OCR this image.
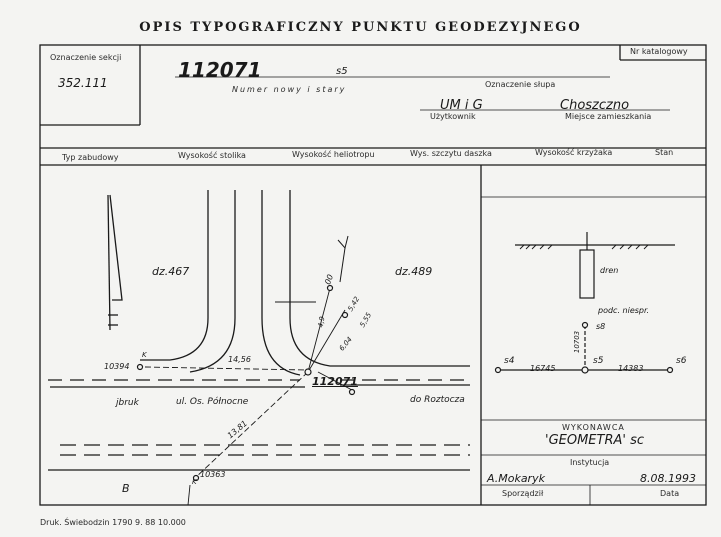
OPIS TYPOGRAFICZNY PUNKTU GEODEZYJNEGO
Oznaczenie sekcji
352.111
Nr katalogowy
112071
Numer nowy i stary
s5
Oznaczenie słupa
UM i G	Choszczno
Użytkownik	Miejsce zamieszkania
Typ zabudowy	Wysokość stolika	Wysokość heliotropu	Wys. szczytu daszka	Wysokość krzyżaka	Stan
dz.467	dz.489
10394
10363
112071
14,56
13,81
4,9
5,42
5,55
6,04
00
K
K
jbruk	ul. Os. Północne	do Roztocza
B
dren
podc. niespr.
s8
s4	s5	s6
16745	14383
10703
WYKONAWCA
'GEOMETRA' sc
Instytucja
A.Mokaryk	8.08.1993
Sporządził	Data
Druk. Świebodzin 1790 9. 88 10.000
